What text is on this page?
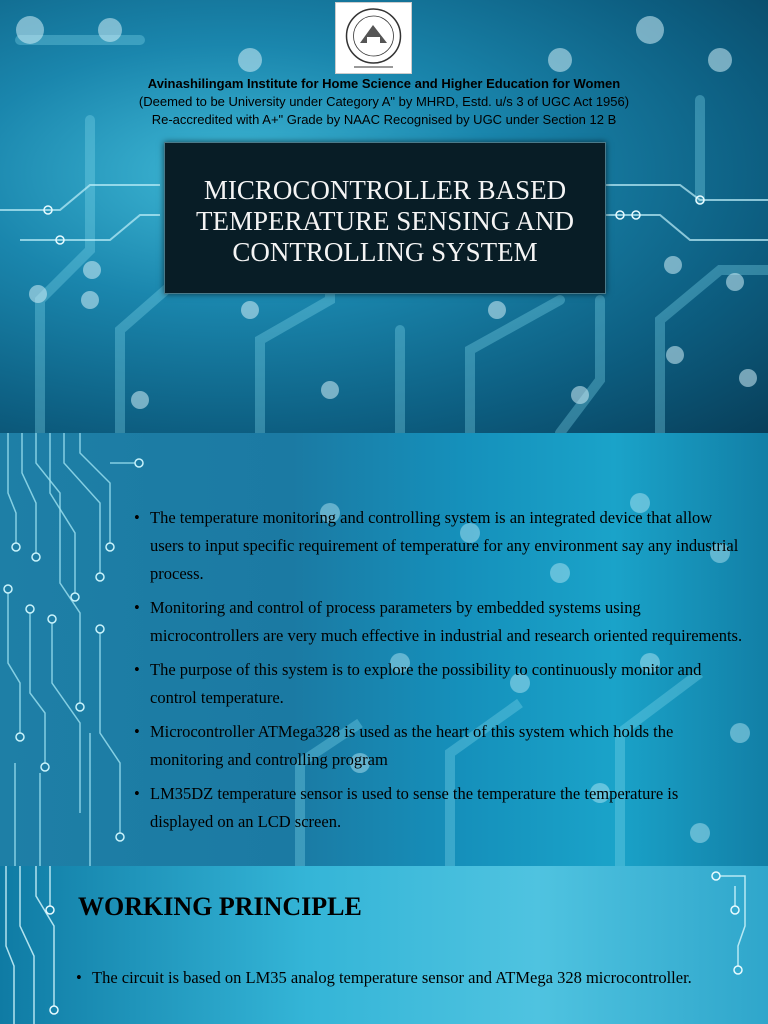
Avinashilingam Institute for Home Science and Higher Education for Women
(Deemed to be University under Category A" by MHRD, Estd. u/s 3 of UGC Act 1956)
Re-accredited with A+" Grade by NAAC Recognised by UGC under Section 12 B
MICROCONTROLLER BASED
TEMPERATURE SENSING AND
CONTROLLING SYSTEM
• The temperature monitoring and controlling system is an integrated device that allow users to input specific requirement of temperature for any environment say any industrial process.
• Monitoring and control of process parameters by embedded systems using microcontrollers are very much effective in industrial and research oriented requirements.
• The purpose of this system is to explore the possibility to continuously monitor and control temperature.
• Microcontroller ATMega328 is used as the heart of this system which holds the monitoring and controlling program
• LM35DZ temperature sensor is used to sense the temperature the temperature is displayed on an LCD screen.
WORKING PRINCIPLE
• The circuit is based on LM35 analog temperature sensor and ATMega 328 microcontroller.
